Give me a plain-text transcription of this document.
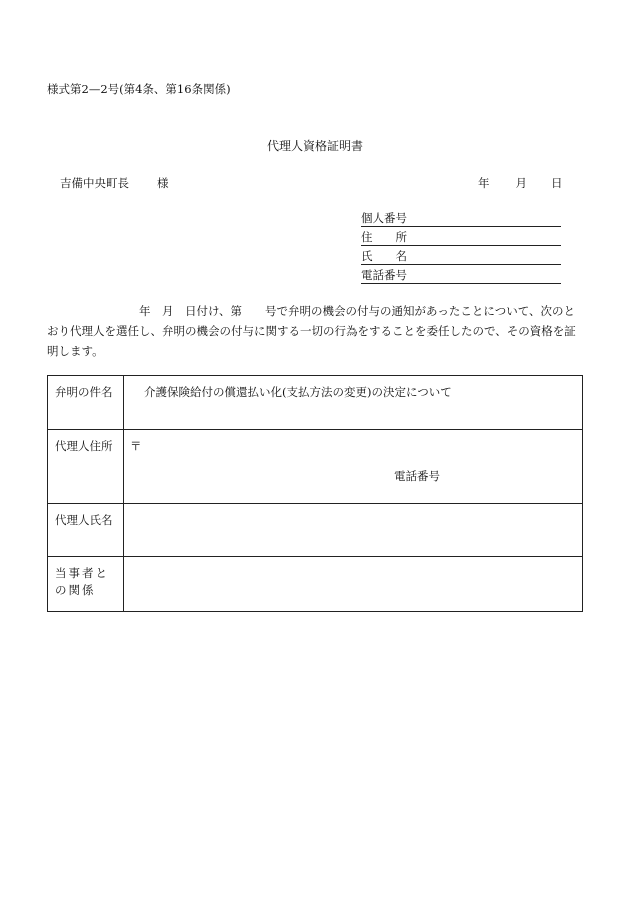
様式第2—2号(第4条、第16条関係)
代理人資格証明書
吉備中央町長 様	年 月 日
個人番号
住　　所
氏　　名
電話番号
年　月　日付け、第　　号で弁明の機会の付与の通知があったことについて、次のとおり代理人を選任し、弁明の機会の付与に関する一切の行為をすることを委任したので、その資格を証明します。
弁明の件名	介護保険給付の償還払い化(支払方法の変更)の決定について
代理人住所	〒
電話番号

代理人氏名	
当事者との関係	
